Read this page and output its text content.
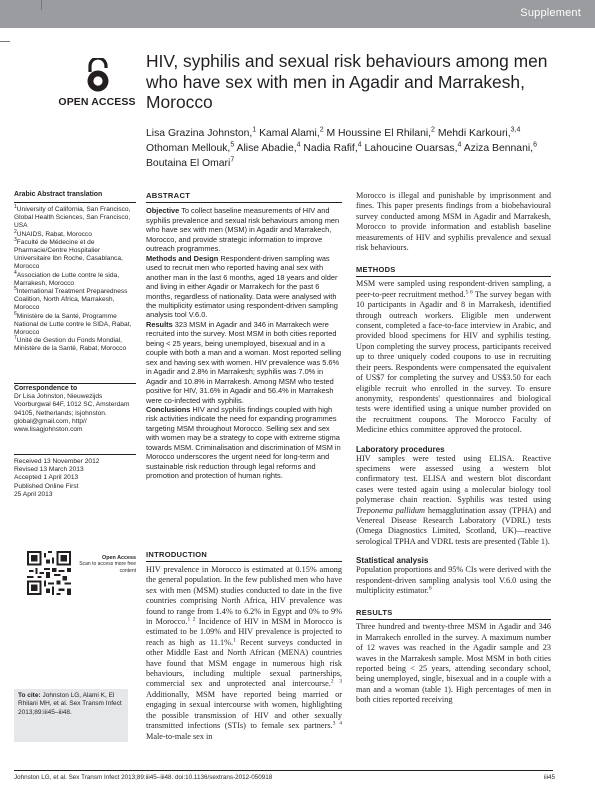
Supplement
OPEN ACCESS
HIV, syphilis and sexual risk behaviours among men who have sex with men in Agadir and Marrakesh, Morocco
Lisa Grazina Johnston,$^1$ Kamal Alami,$^2$ M Houssine El Rhilani,$^2$ Mehdi Karkouri,$^{3,4}$
Othoman Mellouk,$^5$ Alise Abadie,$^4$ Nadia Rafif,$^4$ Lahoucine Ouarsas,$^4$ Aziza Bennani,$^6$
Boutaina El Omari$^7$
Arabic Abstract translation
$^1$University of California, San Francisco, Global Health Sciences, San Francisco, USA
$^2$UNAIDS, Rabat, Morocco
$^3$Faculté de Médecine et de Pharmacie/Centre Hospitalier Universitaire Ibn Roche, Casablanca, Morocco
$^4$Association de Lutte contre le sida, Marrakesh, Morocco
$^5$International Treatment Preparedness Coalition, North Africa, Marrakesh, Morocco
$^6$Ministère de la Santé, Programme National de Lutte contre le SIDA, Rabat, Morocco
$^7$Unité de Gestion du Fonds Mondial, Ministère de la Santé, Rabat, Morocco
Correspondence to
Dr Lisa Johnston, Nieuwezijds Voorburgwal 64F, 1012 SC, Amsterdam 94105, Netherlands; lsjohnston. global@gmail.com, http// www.lisagjohnston.com
Received 13 November 2012
Revised 13 March 2013
Accepted 1 April 2013
Published Online First
25 April 2013
Open Access
Scan to access more free content
To cite: Johnston LG, Alami K, El Rhilani MH, et al. Sex Transm Infect 2013;89:iii45–iii48.
ABSTRACT
Objective To collect baseline measurements of HIV and syphilis prevalence and sexual risk behaviours among men who have sex with men (MSM) in Agadir and Marrakech, Morocco, and provide strategic information to improve outreach programmes.
Methods and Design Respondent-driven sampling was used to recruit men who reported having anal sex with another man in the last 6 months, aged 18 years and older and living in either Agadir or Marrakech for the past 6 months, regardless of nationality. Data were analysed with the multiplicity estimator using respondent-driven sampling analysis tool V.6.0.
Results 323 MSM in Agadir and 346 in Marrakech were recruited into the survey. Most MSM in both cities reported being < 25 years, being unemployed, bisexual and in a couple with both a man and a woman. Most reported selling sex and having sex with women. HIV prevalence was 5.6% in Agadir and 2.8% in Marrakesh; syphilis was 7.0% in Agadir and 10.8% in Marrakesh. Among MSM who tested positive for HIV, 31.6% in Agadir and 56.4% in Marrakesh were co-infected with syphilis.
Conclusions HIV and syphilis findings coupled with high risk activities indicate the need for expanding programmes targeting MSM throughout Morocco. Selling sex and sex with women may be a strategy to cope with extreme stigma towards MSM. Criminalisation and discrimination of MSM in Morocco underscores the urgent need for long-term and sustainable risk reduction through legal reforms and promotion and protection of human rights.
INTRODUCTION
HIV prevalence in Morocco is estimated at 0.15% among the general population. In the few published men who have sex with men (MSM) studies conducted to date in the five countries comprising North Africa, HIV prevalence was found to range from 1.4% to 6.2% in Egypt and 0% to 9% in Morocco.$^{1 2}$ Incidence of HIV in MSM in Morocco is estimated to be 1.09% and HIV prevalence is projected to reach as high as 11.1%.$^1$ Recent surveys conducted in other Middle East and North African (MENA) countries have found that MSM engage in numerous high risk behaviours, including multiple sexual partnerships, commercial sex and unprotected anal intercourse.$^{2 3}$ Additionally, MSM have reported being married or engaging in sexual intercourse with women, highlighting the possible transmission of HIV and other sexually transmitted infections (STIs) to female sex partners.$^{3 4}$ Male-to-male sex in
Morocco is illegal and punishable by imprisonment and fines. This paper presents findings from a biobehavioural survey conducted among MSM in Agadir and Marrakesh, Morocco to provide information and establish baseline measurements of HIV and syphilis prevalence and sexual risk behaviours.
METHODS
MSM were sampled using respondent-driven sampling, a peer-to-peer recruitment method.$^{5 6}$ The survey began with 10 participants in Agadir and 8 in Marrakesh, identified through outreach workers. Eligible men underwent consent, completed a face-to-face interview in Arabic, and provided blood specimens for HIV and syphilis testing. Upon completing the survey process, participants received up to three uniquely coded coupons to use in recruiting their peers. Respondents were compensated the equivalent of US$7 for completing the survey and US$3.50 for each eligible recruit who enrolled in the survey. To ensure anonymity, respondents' questionnaires and biological tests were identified using a unique number provided on the recruitment coupons. The Morocco Faculty of Medicine ethics committee approved the protocol.
Laboratory procedures
HIV samples were tested using ELISA. Reactive specimens were assessed using a western blot confirmatory test. ELISA and western blot discordant cases were tested again using a molecular biology tool polymerase chain reaction. Syphilis was tested using Treponema pallidum hemagglutination assay (TPHA) and Venereal Disease Research Laboratory (VDRL) tests (Omega Diagnostics Limited, Scotland, UK)—reactive serological TPHA and VDRL tests are presented (Table 1).
Statistical analysis
Population proportions and 95% CIs were derived with the respondent-driven sampling analysis tool V.6.0 using the multiplicity estimator.$^6$
RESULTS
Three hundred and twenty-three MSM in Agadir and 346 in Marrakech enrolled in the survey. A maximum number of 12 waves was reached in the Agadir sample and 23 waves in the Marrakesh sample. Most MSM in both cities reported being < 25 years, attending secondary school, being unemployed, single, bisexual and in a couple with a man and a woman (table 1). High percentages of men in both cities reported receiving
Johnston LG, et al. Sex Transm Infect 2013;89:iii45–iii48. doi:10.1136/sextrans-2012-050918	iii45
